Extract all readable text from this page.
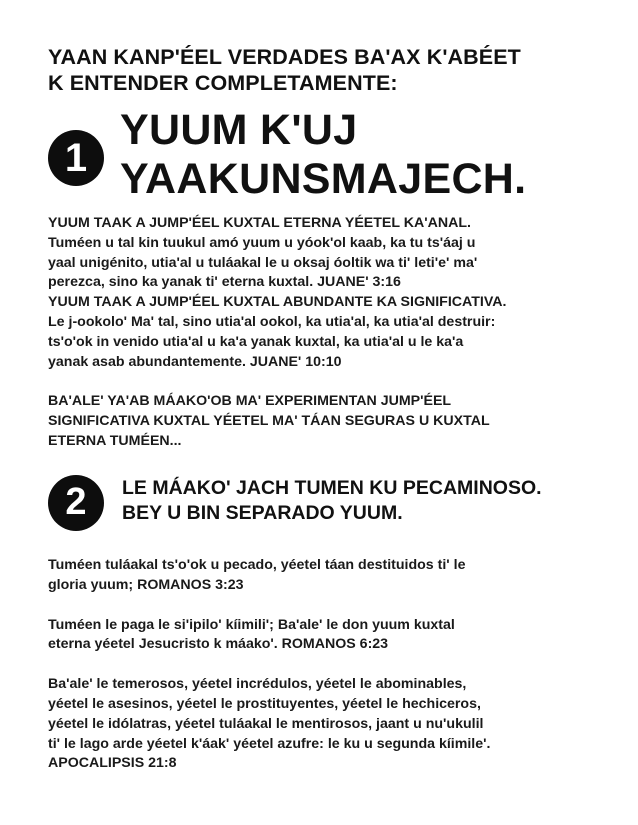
YAAN KANP'ÉEL VERDADES BA'AX K'ABÉET
K ENTENDER COMPLETAMENTE:
1
YUUM K'UJ
YAAKUNSMAJECH.

YUUM TAAK A JUMP'ÉEL KUXTAL ETERNA YÉETEL KA'ANAL.
Tuméen u tal kin tuukul amó yuum u yóok'ol kaab, ka tu ts'áaj u
yaal unigénito, utia'al u tuláakal le u oksaj óoltik wa ti' leti'e' ma'
perezca, sino ka yanak ti' eterna kuxtal. JUANE' 3:16
YUUM TAAK A JUMP'ÉEL KUXTAL ABUNDANTE KA SIGNIFICATIVA.
Le j-ookolo' Ma' tal, sino utia'al ookol, ka utia'al, ka utia'al destruir:
ts'o'ok in venido utia'al u ka'a yanak kuxtal, ka utia'al u le ka'a
yanak asab abundantemente. JUANE' 10:10

BA'ALE' YA'AB MÁAKO'OB MA' EXPERIMENTAN JUMP'ÉEL
SIGNIFICATIVA KUXTAL YÉETEL MA' TÁAN SEGURAS U KUXTAL
ETERNA TUMÉEN...

2	LE MÁAKO' JACH TUMEN KU PECAMINOSO.
BEY U BIN SEPARADO YUUM.

Tuméen tuláakal ts'o'ok u pecado, yéetel táan destituidos ti' le
gloria yuum; ROMANOS 3:23

Tuméen le paga le si'ipilo' kíimili'; Ba'ale' le don yuum kuxtal
eterna yéetel Jesucristo k máako'. ROMANOS 6:23

Ba'ale' le temerosos, yéetel incrédulos, yéetel le abominables,
yéetel le asesinos, yéetel le prostituyentes, yéetel le hechiceros,
yéetel le idólatras, yéetel tuláakal le mentirosos, jaant u nu'ukulil
ti' le lago arde yéetel k'áak' yéetel azufre: le ku u segunda kíimile'.
APOCALIPSIS 21:8
